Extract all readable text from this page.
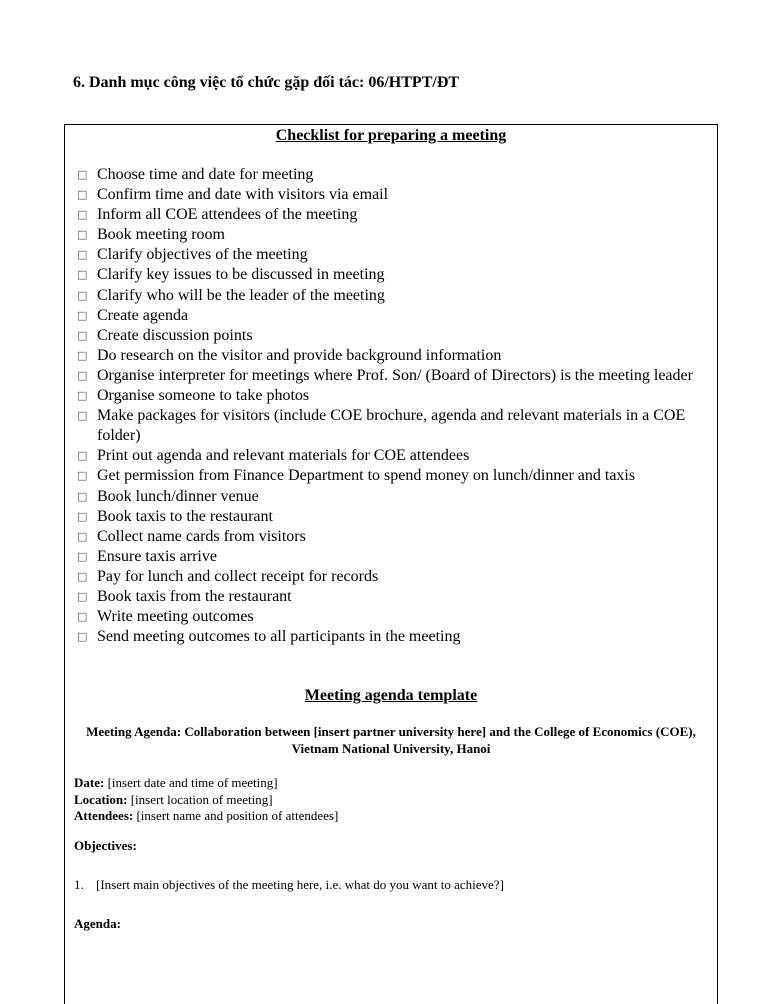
6. Danh mục công việc tổ chức gặp đối tác: 06/HTPT/ĐT
Checklist for preparing a meeting
□ Choose time and date for meeting
□ Confirm time and date with visitors via email
□ Inform all COE attendees of the meeting
□ Book meeting room
□ Clarify objectives of the meeting
□ Clarify key issues to be discussed in meeting
□ Clarify who will be the leader of the meeting
□ Create agenda
□ Create discussion points
□ Do research on the visitor and provide background information
□ Organise interpreter for meetings where Prof. Son/ (Board of Directors) is the meeting leader
□ Organise someone to take photos
□ Make packages for visitors (include COE brochure, agenda and relevant materials in a COE folder)
□ Print out agenda and relevant materials for COE attendees
□ Get permission from Finance Department to spend money on lunch/dinner and taxis
□ Book lunch/dinner venue
□ Book taxis to the restaurant
□ Collect name cards from visitors
□ Ensure taxis arrive
□ Pay for lunch and collect receipt for records
□ Book taxis from the restaurant
□ Write meeting outcomes
□ Send meeting outcomes to all participants in the meeting
Meeting agenda template
Meeting Agenda: Collaboration between [insert partner university here] and the College of Economics (COE), Vietnam National University, Hanoi
Date: [insert date and time of meeting]
Location: [insert location of meeting]
Attendees: [insert name and position of attendees]
Objectives:
1. [Insert main objectives of the meeting here, i.e. what do you want to achieve?]
Agenda:
